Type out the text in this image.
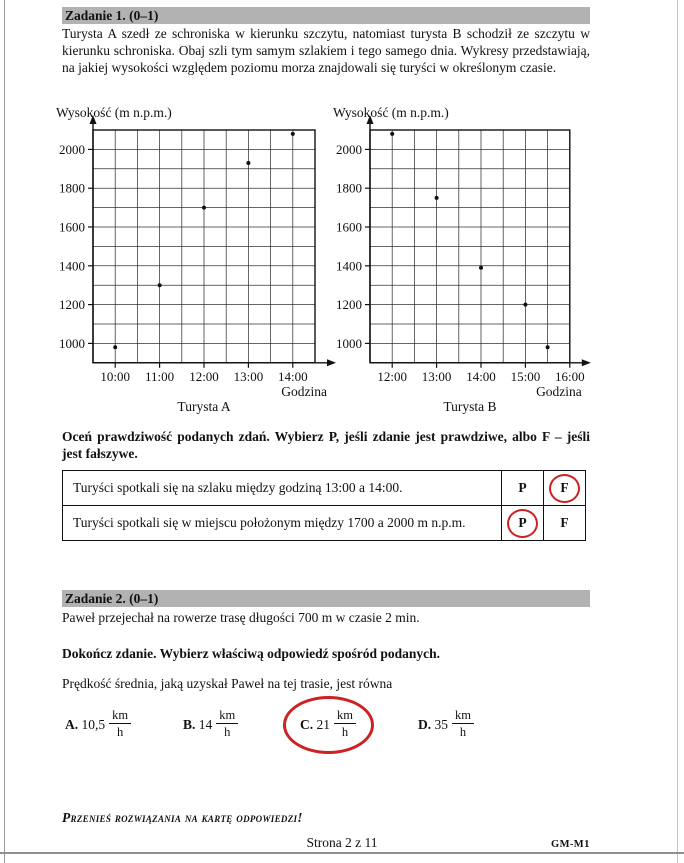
Zadanie 1. (0–1)
Turysta A szedł ze schroniska w kierunku szczytu, natomiast turysta B schodził ze szczytu w kierunku schroniska. Obaj szli tym samym szlakiem i tego samego dnia. Wykresy przedstawiają, na jakiej wysokości względem poziomu morza znajdowali się turyści w określonym czasie.
1000
1200
1400
1600
1800
2000
10:00 11:00 12:00 13:00 14:00
Wysokość (m n.p.m.)
Godzina
Turysta A
1000
1200
1400
1600
1800
2000
12:00 13:00 14:00 15:00 16:00
Wysokość (m n.p.m.)
Godzina
Turysta B
Oceń prawdziwość podanych zdań. Wybierz P, jeśli zdanie jest prawdziwe, albo F – jeśli jest fałszywe.
Turyści spotkali się na szlaku między godziną 13:00 a 14:00.	P	F
Turyści spotkali się w miejscu położonym między 1700 a 2000 m n.p.m.	P	F
Zadanie 2. (0–1)
Paweł przejechał na rowerze trasę długości 700 m w czasie 2 min.
Dokończ zdanie. Wybierz właściwą odpowiedź spośród podanych.
Prędkość średnia, jaką uzyskał Paweł na tej trasie, jest równa
A. $10,5 \frac{km}{h}$	B. $14 \frac{km}{h}$	C. $21 \frac{km}{h}$	D. $35 \frac{km}{h}$
Przenieś rozwiązania na kartę odpowiedzi!
Strona 2 z 11	GM-M1
